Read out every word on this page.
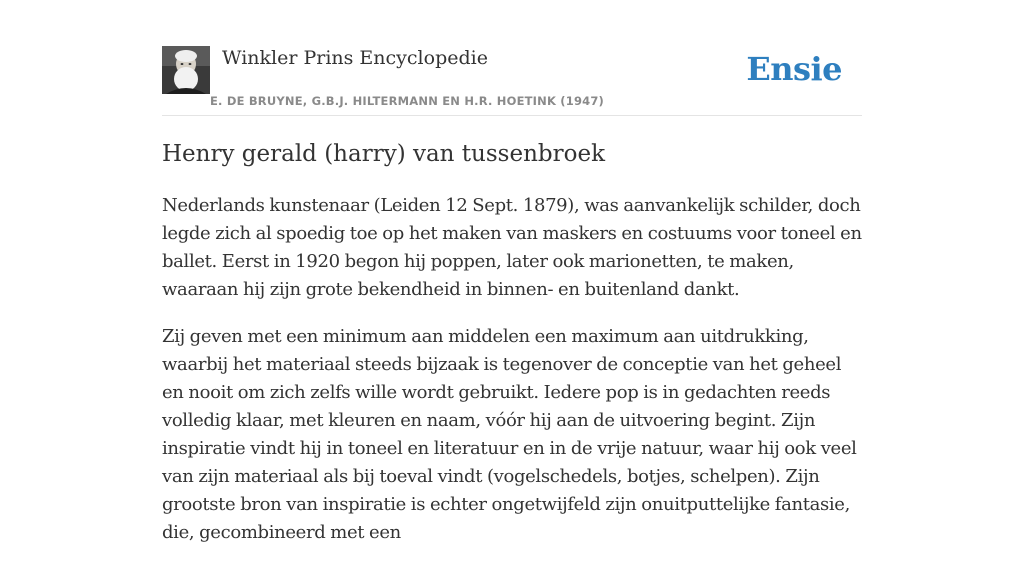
Winkler Prins Encyclopedie
E. DE BRUYNE, G.B.J. HILTERMANN EN H.R. HOETINK (1947)
Ensie
Henry gerald (harry) van tussenbroek

Nederlands kunstenaar (Leiden 12 Sept. 1879), was aanvankelijk schilder, doch legde zich al spoedig toe op het maken van maskers en costuums voor toneel en ballet. Eerst in 1920 begon hij poppen, later ook marionetten, te maken, waaraan hij zijn grote bekendheid in binnen- en buitenland dankt.

Zij geven met een minimum aan middelen een maximum aan uitdrukking, waarbij het materiaal steeds bijzaak is tegenover de conceptie van het geheel en nooit om zich zelfs wille wordt gebruikt. Iedere pop is in gedachten reeds volledig klaar, met kleuren en naam, vóór hij aan de uitvoering begint. Zijn inspiratie vindt hij in toneel en literatuur en in de vrije natuur, waar hij ook veel van zijn materiaal als bij toeval vindt (vogelschedels, botjes, schelpen). Zijn grootste bron van inspiratie is echter ongetwijfeld zijn onuitputtelijke fantasie, die, gecombineerd met een
